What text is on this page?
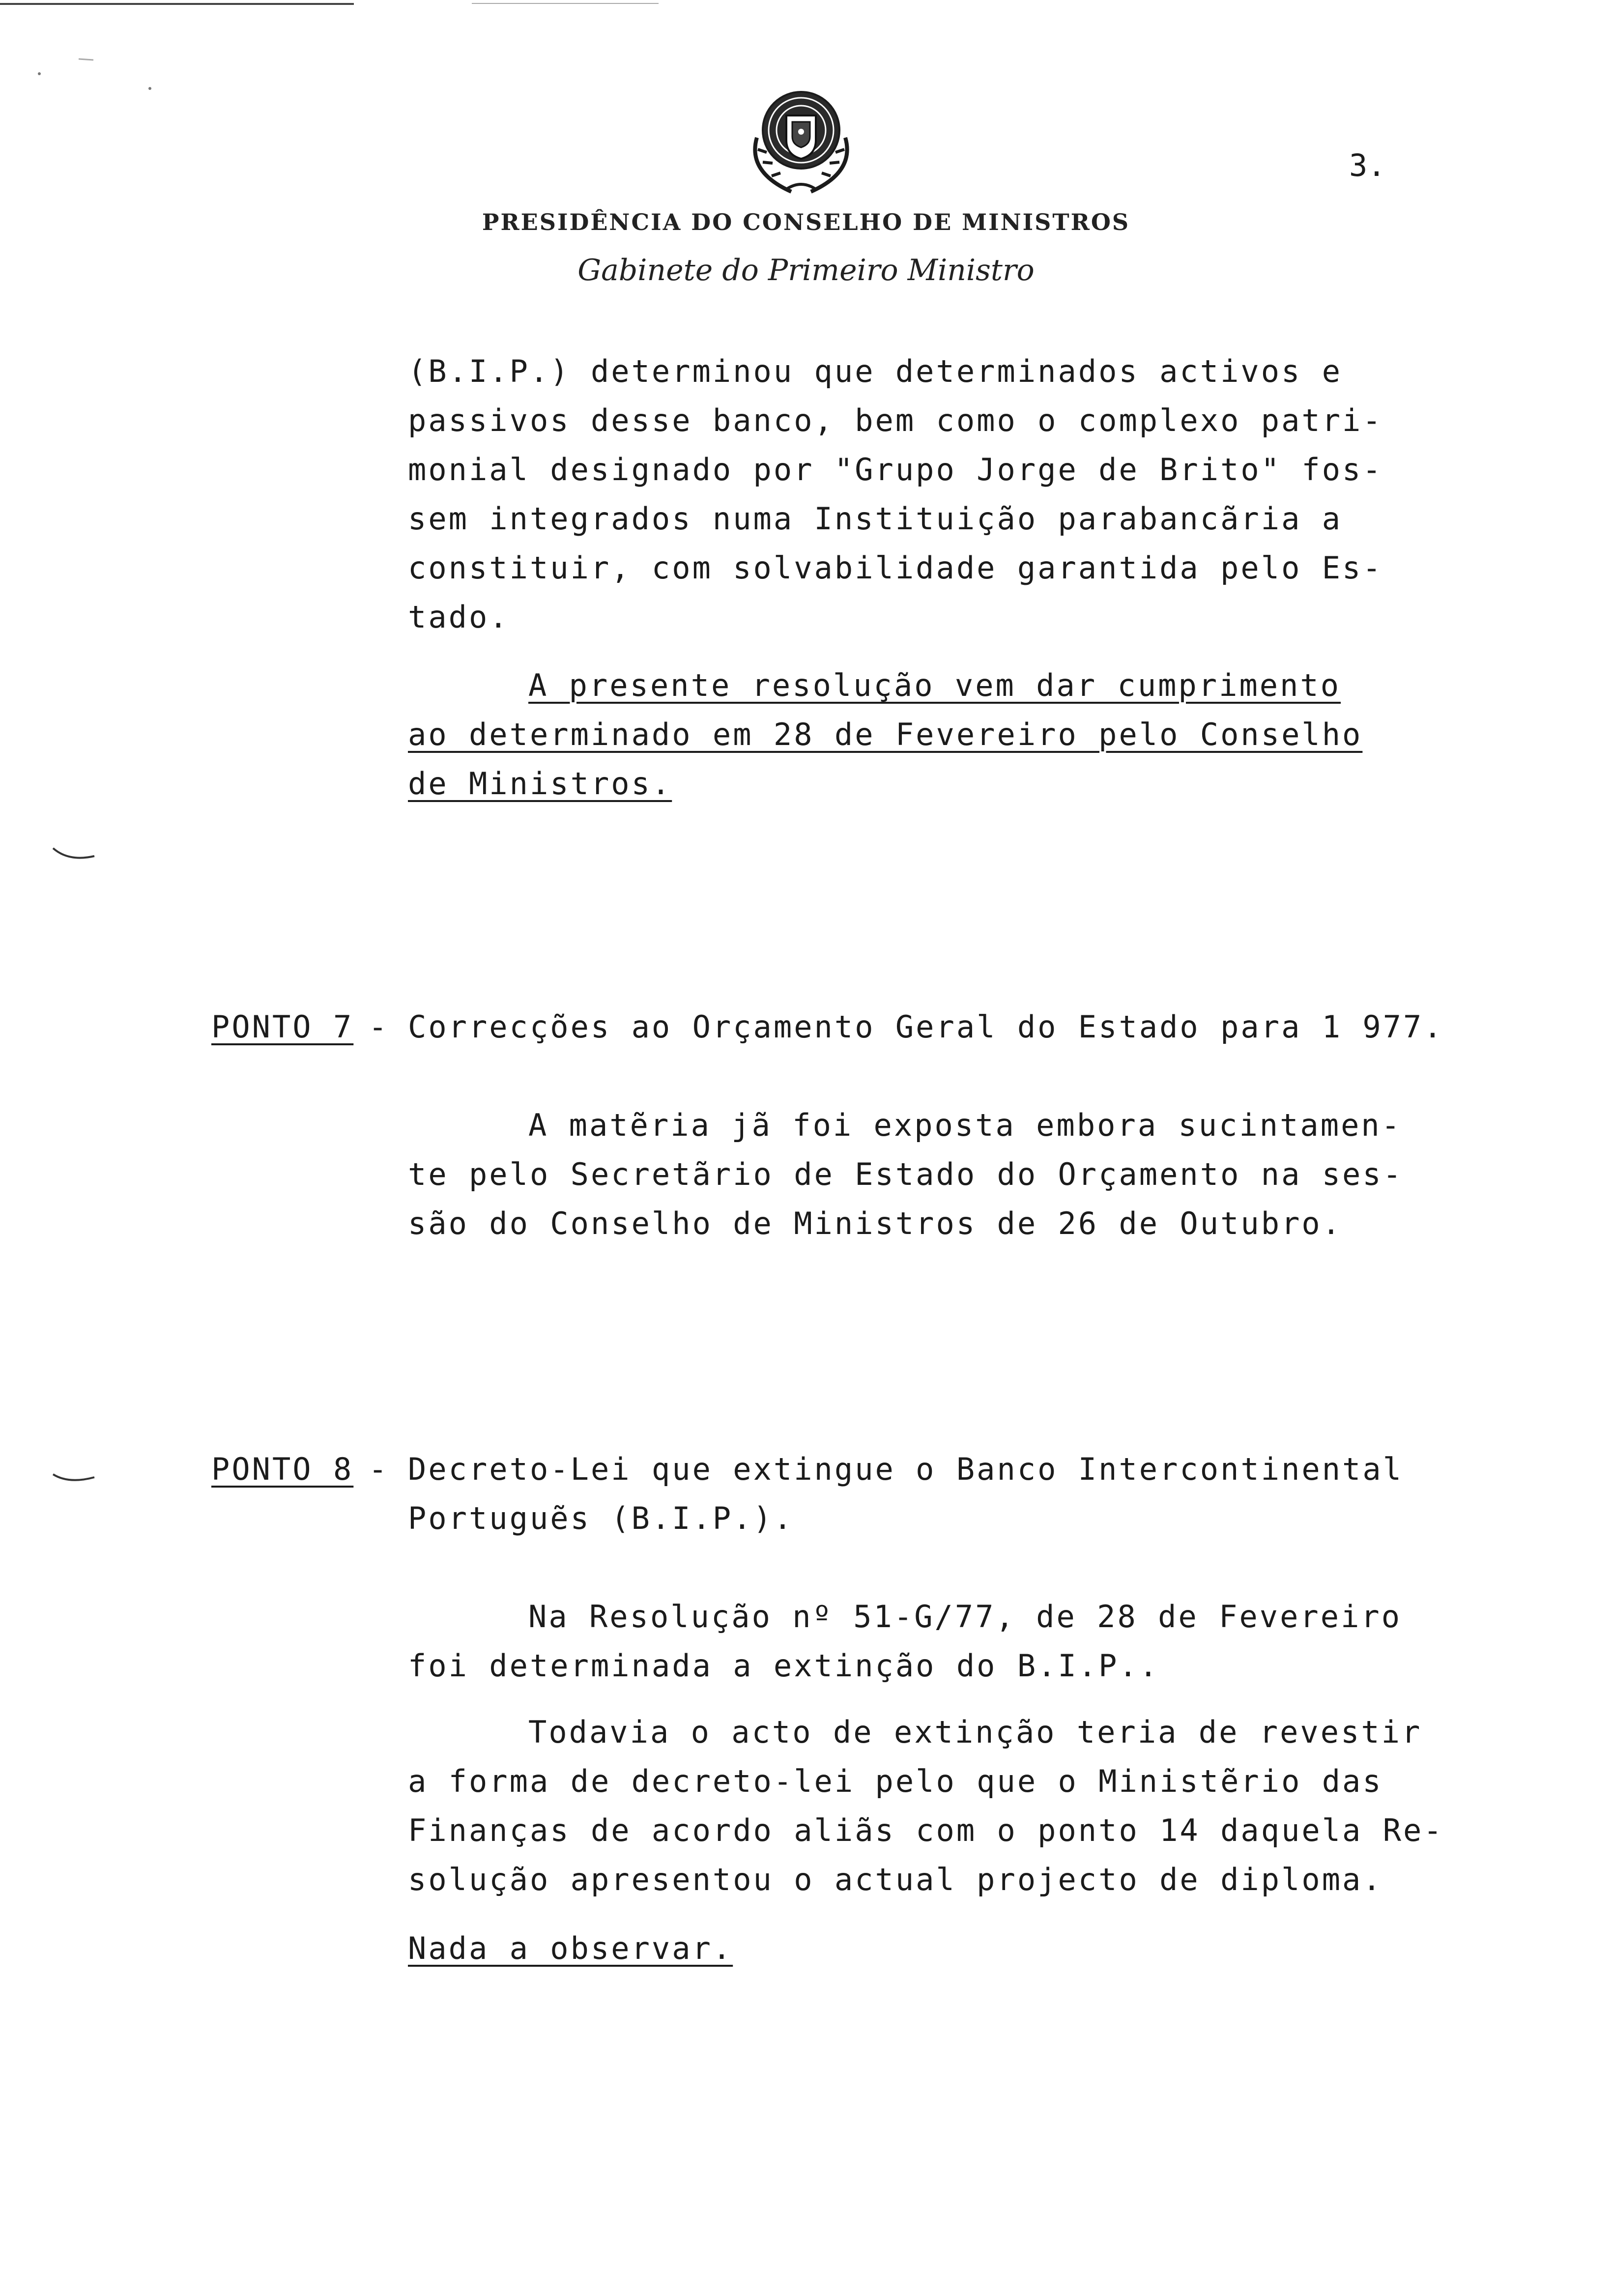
3.
PRESIDÊNCIA DO CONSELHO DE MINISTROS
Gabinete do Primeiro Ministro
(B.I.P.) determinou que determinados activos e
passivos desse banco, bem como o complexo patri-
monial designado por "Grupo Jorge de Brito" fos-
sem integrados numa Instituição parabancãria a
constituir, com solvabilidade garantida pelo Es-
tado.
A presente resolução vem dar cumprimento
ao determinado em 28 de Fevereiro pelo Conselho
de Ministros.
PONTO 7 - Correcções ao Orçamento Geral do Estado para 1 977.
A matẽria jã foi exposta embora sucintamen-
te pelo Secretãrio de Estado do Orçamento na ses-
são do Conselho de Ministros de 26 de Outubro.
PONTO 8 - Decreto-Lei que extingue o Banco Intercontinental
Portuguẽs (B.I.P.).
Na Resolução nº 51-G/77, de 28 de Fevereiro
foi determinada a extinção do B.I.P..
Todavia o acto de extinção teria de revestir
a forma de decreto-lei pelo que o Ministẽrio das
Finanças de acordo aliãs com o ponto 14 daquela Re-
solução apresentou o actual projecto de diploma.
Nada a observar.
